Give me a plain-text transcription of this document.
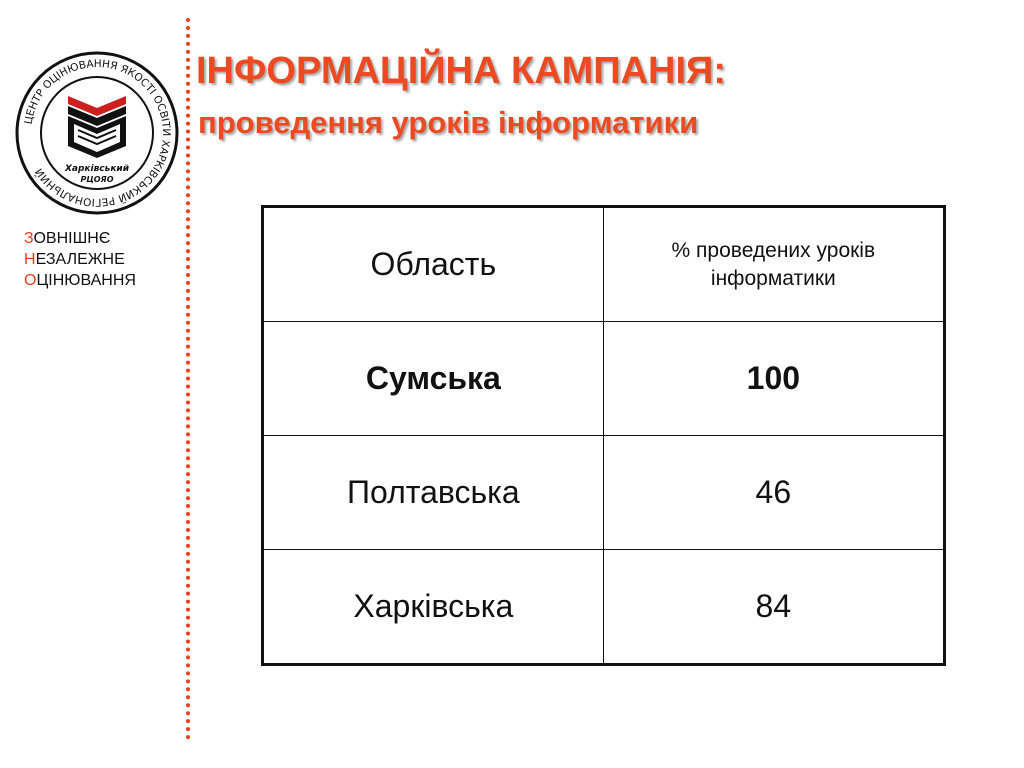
ЦЕНТР ОЦІНЮВАННЯ ЯКОСТІ ОСВІТИ ХАРКІВСЬКИЙ РЕГІОНАЛЬНИЙ	Харківський
РЦОЯО
ЗОВНІШНЄ
НЕЗАЛЕЖНЕ
ОЦІНЮВАННЯ
ІНФОРМАЦІЙНА КАМПАНІЯ:
проведення уроків інформатики
Область	% проведених уроків
інформатики

Сумська	100
Полтавська	46
Харківська	84
